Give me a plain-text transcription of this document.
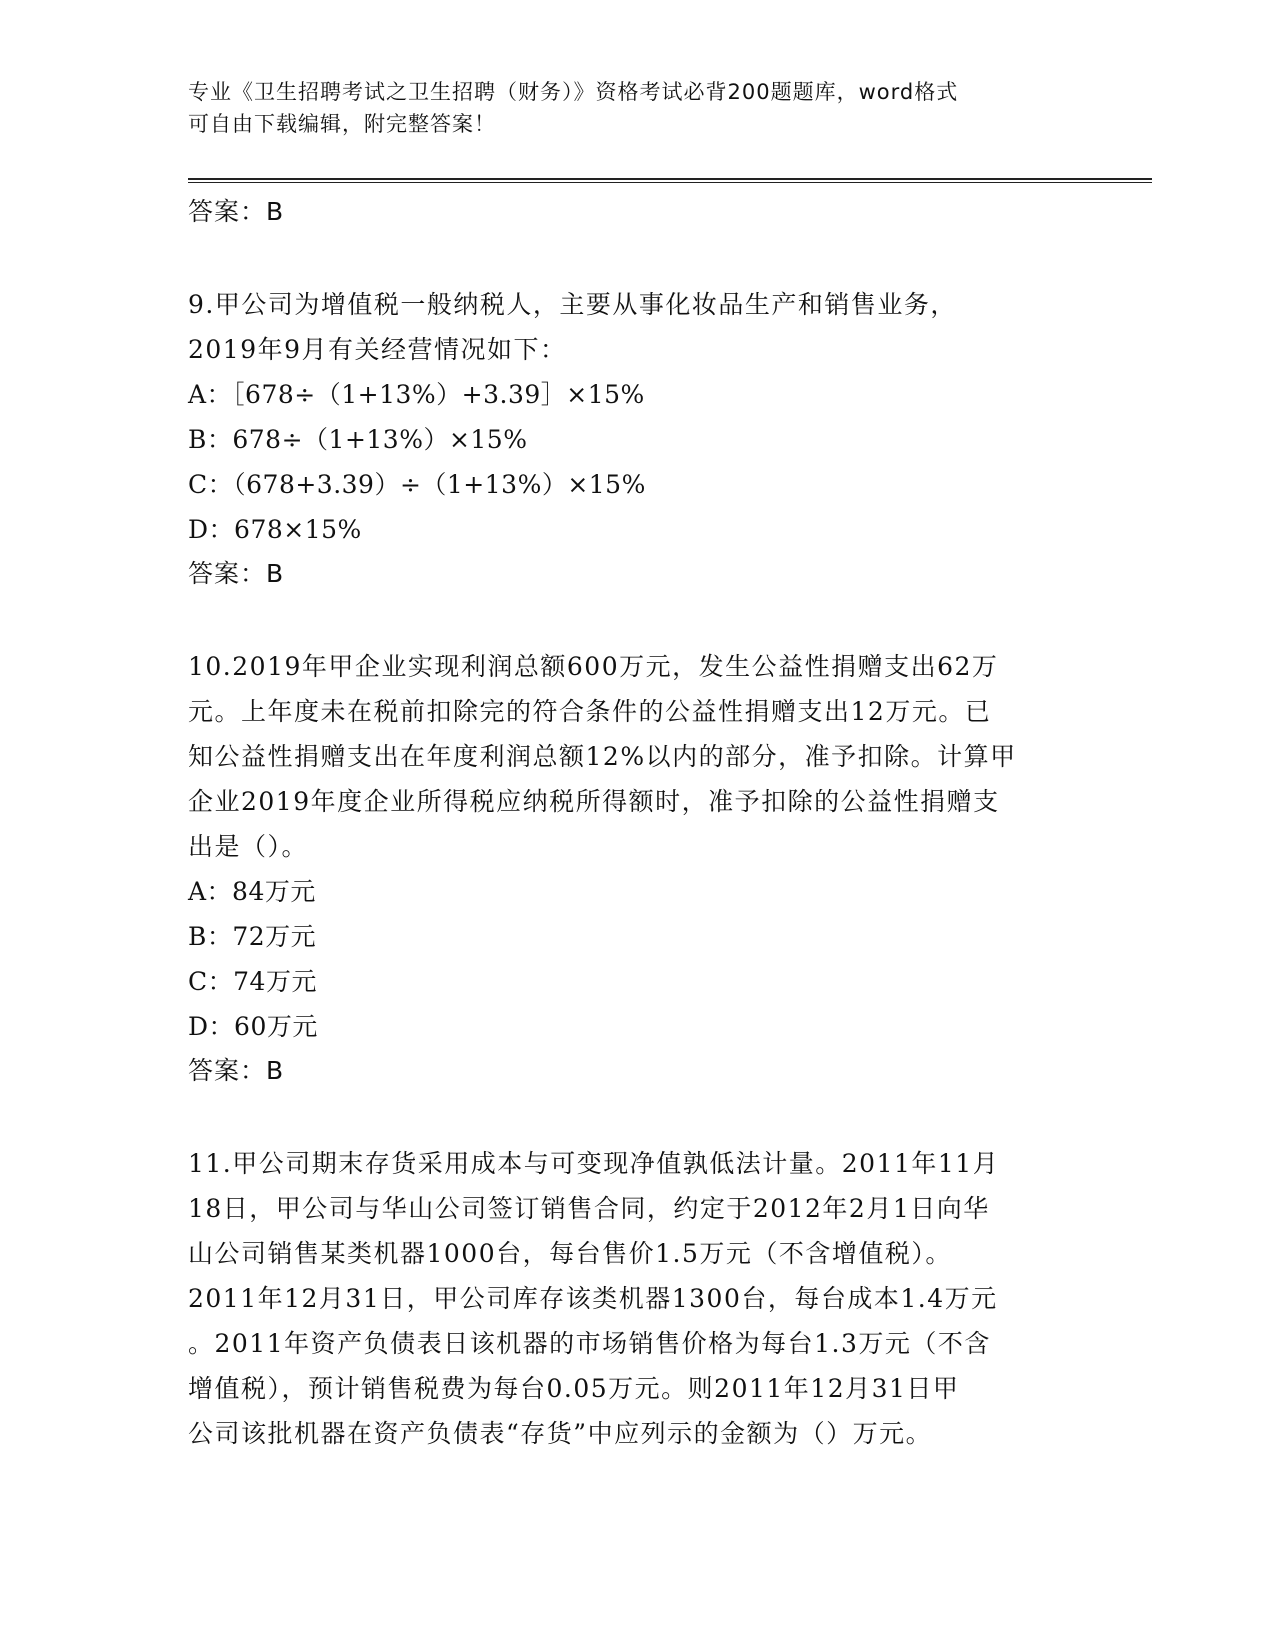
专业《卫生招聘考试之卫生招聘（财务）》资格考试必背200题题库，word格式
可自由下载编辑，附完整答案！
答案：B
9.甲公司为增值税一般纳税人，主要从事化妆品生产和销售业务，
2019年9月有关经营情况如下：
A：［678÷（1+13%）+3.39］×15%
B：678÷（1+13%）×15%
C：（678+3.39）÷（1+13%）×15%
D：678×15%
答案：B
10.2019年甲企业实现利润总额600万元，发生公益性捐赠支出62万
元。上年度未在税前扣除完的符合条件的公益性捐赠支出12万元。已
知公益性捐赠支出在年度利润总额12%以内的部分，准予扣除。计算甲
企业2019年度企业所得税应纳税所得额时，准予扣除的公益性捐赠支
出是（）。
A：84万元
B：72万元
C：74万元
D：60万元
答案：B
11.甲公司期末存货采用成本与可变现净值孰低法计量。2011年11月
18日，甲公司与华山公司签订销售合同，约定于2012年2月1日向华
山公司销售某类机器1000台，每台售价1.5万元（不含增值税）。
2011年12月31日，甲公司库存该类机器1300台，每台成本1.4万元
。2011年资产负债表日该机器的市场销售价格为每台1.3万元（不含
增值税），预计销售税费为每台0.05万元。则2011年12月31日甲
公司该批机器在资产负债表“存货”中应列示的金额为（）万元。
